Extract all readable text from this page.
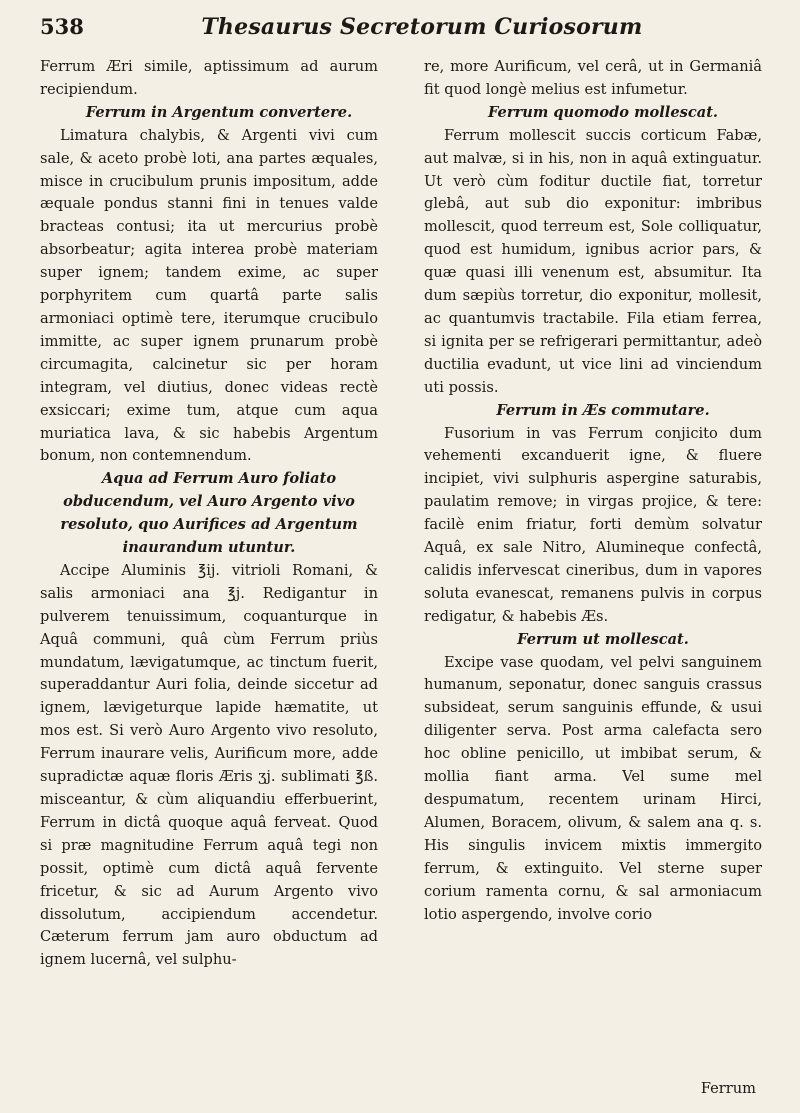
538	Thesaurus Secretorum Curiosorum

Ferrum Æri simile, aptissimum ad aurum recipiendum.

Ferrum in Argentum convertere.

Limatura chalybis, & Argenti vivi cum sale, & aceto probè loti, ana partes æquales, misce in crucibulum prunis impositum, adde æquale pondus stanni fini in tenues valde bracteas contusi; ita ut mercurius probè absorbeatur; agita interea probè materiam super ignem; tandem exime, ac super porphyritem cum quartâ parte salis armoniaci optimè tere, iterumque crucibulo immitte, ac super ignem prunarum probè circumagita, calcinetur sic per horam integram, vel diutius, donec videas rectè exsiccari; exime tum, atque cum aqua muriatica lava, & sic habebis Argentum bonum, non contemnendum.

Aqua ad Ferrum Auro foliato obducendum, vel Auro Argento vivo resoluto, quo Aurifices ad Argentum inaurandum utuntur.

Accipe Aluminis ℥ij. vitrioli Romani, & salis armoniaci ana ℥j. Redigantur in pulverem tenuissimum, coquanturque in Aquâ communi, quâ cùm Ferrum priùs mundatum, lævigatumque, ac tinctum fuerit, superaddantur Auri folia, deinde siccetur ad ignem, lævigeturque lapide hæmatite, ut mos est. Si verò Auro Argento vivo resoluto, Ferrum inaurare velis, Aurificum more, adde supradictæ aquæ floris Æris ʒj. sublimati ℥ß. misceantur, & cùm aliquandiu efferbuerint, Ferrum in dictâ quoque aquâ ferveat. Quod si præ magnitudine Ferrum aquâ tegi non possit, optimè cum dictâ aquâ fervente fricetur, & sic ad Aurum Argento vivo dissolutum, accipiendum accendetur. Cæterum ferrum jam auro obductum ad ignem lucernâ, vel sulphu-

re, more Aurificum, vel cerâ, ut in Germaniâ fit quod longè melius est infumetur.

Ferrum quomodo mollescat.

Ferrum mollescit succis corticum Fabæ, aut malvæ, si in his, non in aquâ extinguatur. Ut verò cùm foditur ductile fiat, torretur glebâ, aut sub dio exponitur: imbribus mollescit, quod terreum est, Sole colliquatur, quod est humidum, ignibus acrior pars, & quæ quasi illi venenum est, absumitur. Ita dum sæpiùs torretur, dio exponitur, mollesit, ac quantumvis tractabile. Fila etiam ferrea, si ignita per se refrigerari permittantur, adeò ductilia evadunt, ut vice lini ad vinciendum uti possis.

Ferrum in Æs commutare.

Fusorium in vas Ferrum conjicito dum vehementi excanduerit igne, & fluere incipiet, vivi sulphuris aspergine saturabis, paulatim remove; in virgas projice, & tere: facilè enim friatur, forti demùm solvatur Aquâ, ex sale Nitro, Alumineque confectâ, calidis infervescat cineribus, dum in vapores soluta evanescat, remanens pulvis in corpus redigatur, & habebis Æs.

Ferrum ut mollescat.

Excipe vase quodam, vel pelvi sanguinem humanum, seponatur, donec sanguis crassus subsideat, serum sanguinis effunde, & usui diligenter serva. Post arma calefacta sero hoc obline penicillo, ut imbibat serum, & mollia fiant arma. Vel sume mel despumatum, recentem urinam Hirci, Alumen, Boracem, olivum, & salem ana q. s. His singulis invicem mixtis immergito ferrum, & extinguito. Vel sterne super corium ramenta cornu, & sal armoniacum lotio aspergendo, involve corio

Ferrum
